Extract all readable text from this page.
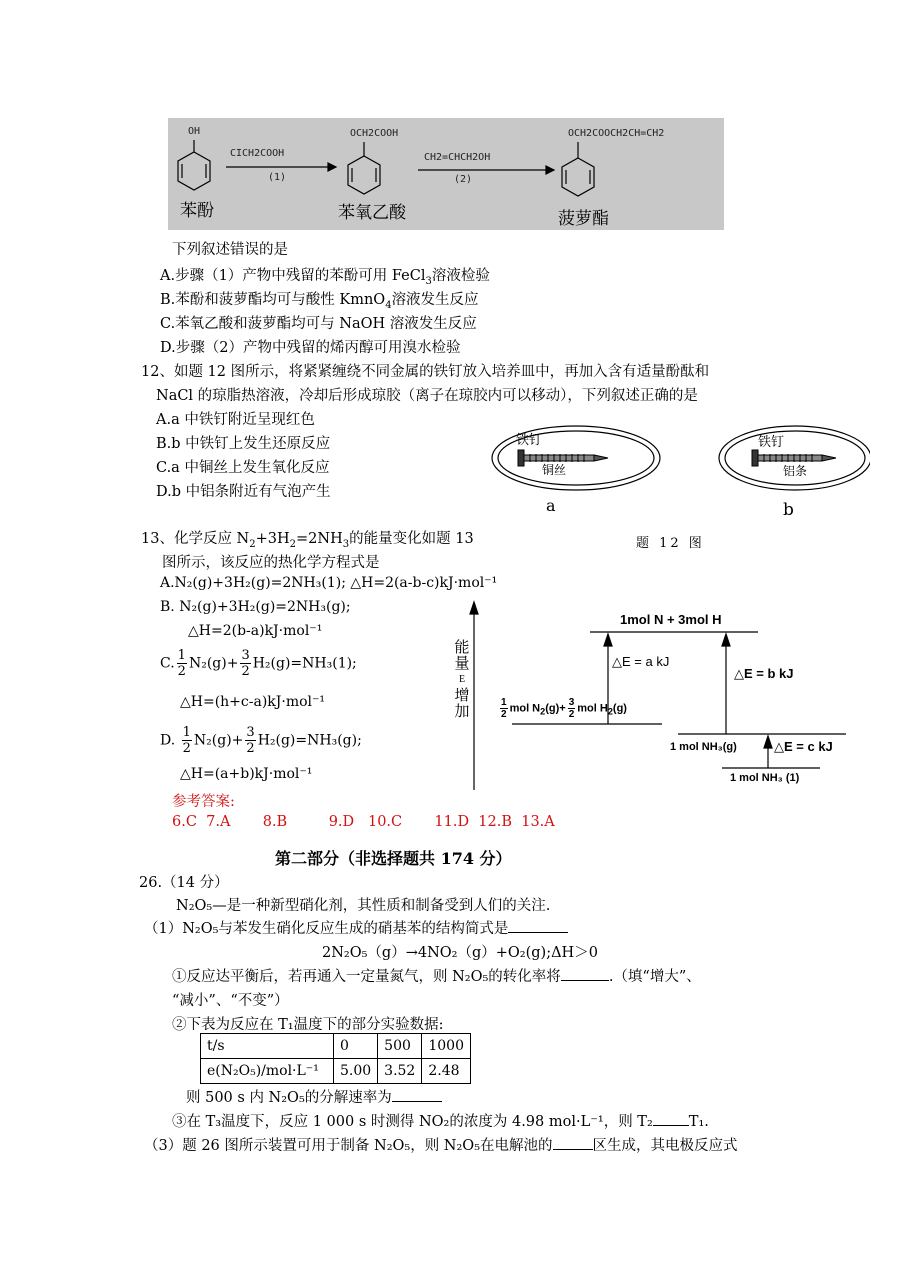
OH
CICH2COOH
(1)
OCH2COOH
CH2=CHCH2OH
(2)
OCH2COOCH2CH=CH2
苯酚	苯氧乙酸	菠萝酯
下列叙述错误的是
A.步骤（1）产物中残留的苯酚可用 FeCl$_3$溶液检验
B.苯酚和菠萝酯均可与酸性 KmnO$_4$溶液发生反应
C.苯氧乙酸和菠萝酯均可与 NaOH 溶液发生反应
D.步骤（2）产物中残留的烯丙醇可用溴水检验
12、如题 12 图所示，将紧紧缠绕不同金属的铁钉放入培养皿中，再加入含有适量酚酞和
NaCl 的琼脂热溶液，冷却后形成琼胶（离子在琼胶内可以移动），下列叙述正确的是
A.a 中铁钉附近呈现红色
B.b 中铁钉上发生还原反应
C.a 中铜丝上发生氧化反应
D.b 中铝条附近有气泡产生
铁钉
铜丝
a
铁钉
铝条
b
题 12 图
13、化学反应 $N_2+3H_2=2NH_3$的能量变化如题 13
图所示，该反应的热化学方程式是
A.N₂(g)+3H₂(g)=2NH₃(1); △H=2(a-b-c)kJ·mol⁻¹
B. N₂(g)+3H₂(g)=2NH₃(g);
△H=2(b-a)kJ·mol⁻¹
C. $\frac{1}{2} N_2(g)+ \frac{3}{2} H_2(g)=NH_3(1)$;
△H=(h+c-a)kJ·mol⁻¹
D. $\frac{1}{2} N_2(g)+ \frac{3}{2} H_2(g)=NH_3(g)$;
△H=(a+b)kJ·mol⁻¹
能
量
E
增
加
1mol N + 3mol H
$\frac{1}{2}$ mol $N_2(g)+ \frac{3}{2}$ mol $H_2(g)$
△E = a kJ
△E = b kJ
1 mol NH₃(g)	△E = c kJ
1 mol NH₃ (1)
参考答案:
6.C  7.A       8.B         9.D   10.C       11.D  12.B  13.A
第二部分（非选择题共 174 分）
26.（14 分）
N₂O₅—是一种新型硝化剂，其性质和制备受到人们的关注.
（1）N₂O₅与苯发生硝化反应生成的硝基苯的结构简式是
2N₂O₅（g）→4NO₂（g）+O₂(g);ΔH＞0
①反应达平衡后，若再通入一定量氮气，则 N₂O₅的转化率将	.（填“增大”、
“减小”、“不变”）
②下表为反应在 T₁温度下的部分实验数据:
t/s	0	500	1000
e(N₂O₅)/mol·L⁻¹	5.00	3.52	2.48
则 500 s 内 N₂O₅的分解速率为
③在 T₃温度下，反应 1 000 s 时测得 NO₂的浓度为 4.98 mol·L⁻¹，则 T₂ T₁.
（3）题 26 图所示装置可用于制备 N₂O₅，则 N₂O₅在电解池的	区生成，其电极反应式
